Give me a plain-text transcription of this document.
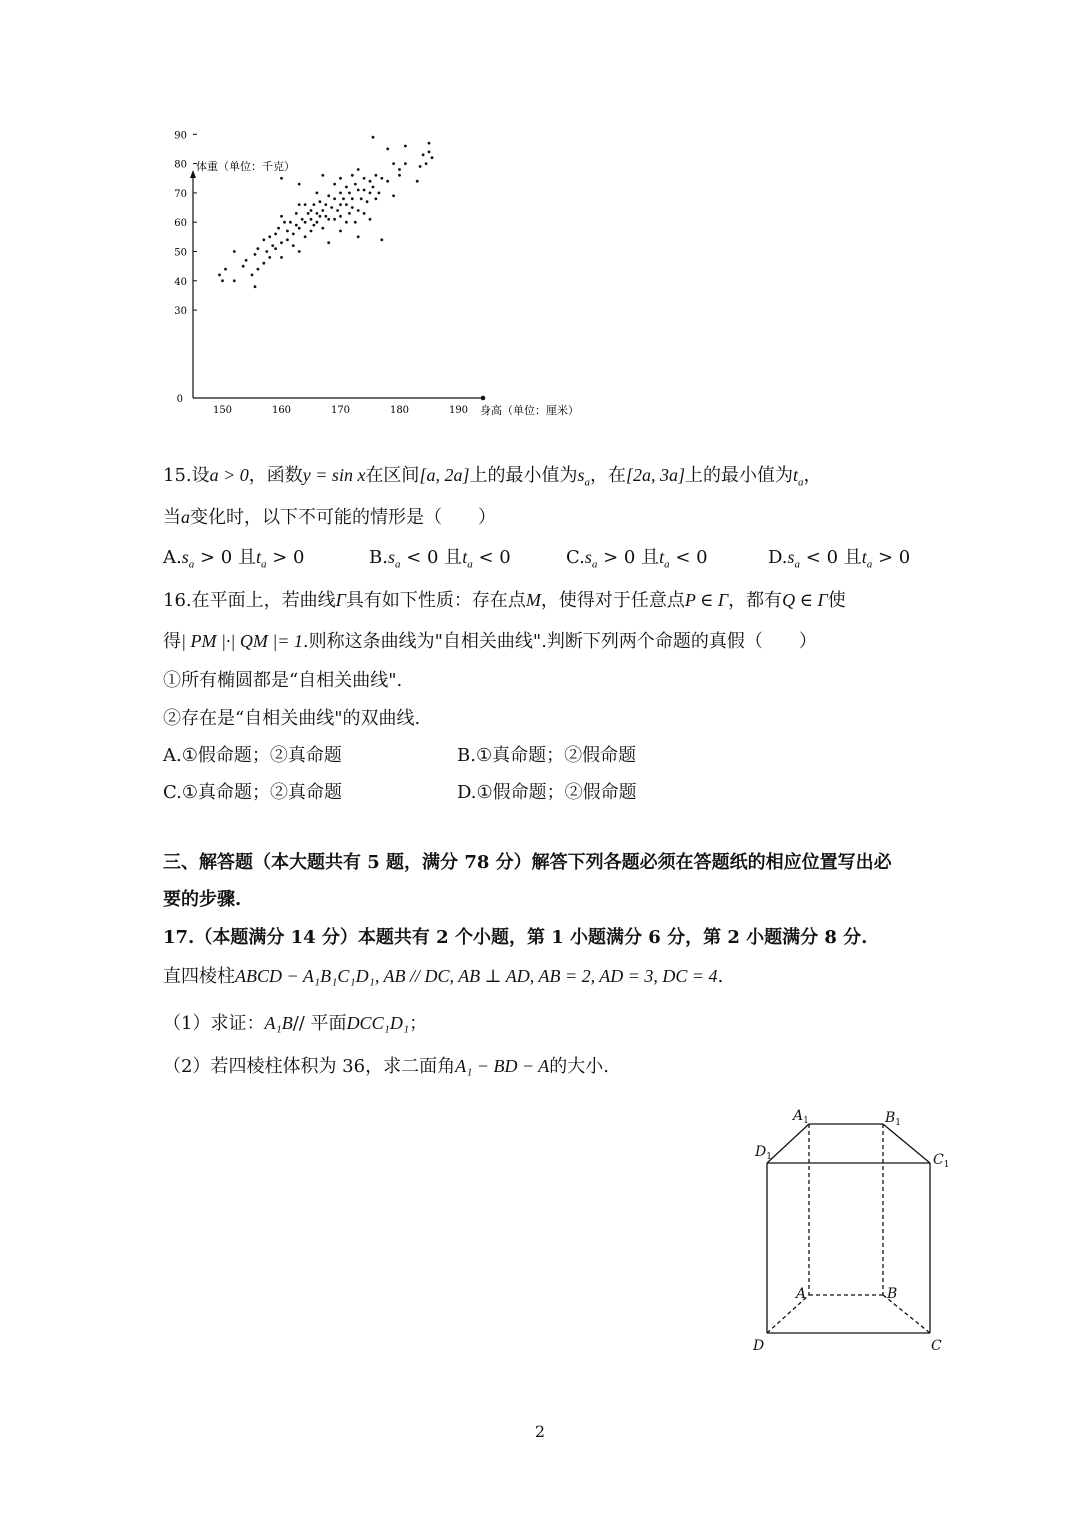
体重（单位：千克）
身高（单位：厘米）
90
80
70
60
50
40
30
0
150	160	170	180	190
15.设a > 0，函数y = sin x在区间[a, 2a]上的最小值为$s_a$，在[2a, 3a]上的最小值为$t_a$，
当a变化时，以下不可能的情形是（　　）
$A.s_a > 0$ 且$t_a > 0$	$B.s_a < 0$ 且$t_a < 0$	$C.s_a > 0$ 且$t_a < 0$	$D.s_a < 0$ 且$t_a > 0$
16.在平面上，若曲线Γ具有如下性质：存在点M，使得对于任意点P ∈ Γ，都有Q ∈ Γ使
得| PM |·| QM |= 1.则称这条曲线为"自相关曲线".判断下列两个命题的真假（　　）
①所有椭圆都是“自相关曲线".
②存在是“自相关曲线"的双曲线.
A.①假命题；②真命题	B.①真命题；②假命题
C.①真命题；②真命题	D.①假命题；②假命题
三、解答题（本大题共有 5 题，满分 78 分）解答下列各题必须在答题纸的相应位置写出必
要的步骤.
17.（本题满分 14 分）本题共有 2 个小题，第 1 小题满分 6 分，第 2 小题满分 8 分.
直四棱柱ABCD − A₁B₁C₁D₁, AB // DC, AB ⊥ AD, AB = 2, AD = 3, DC = 4.
（1）求证：A₁B// 平面DCC₁D₁；
（2）若四棱柱体积为 36，求二面角A₁ − BD − A的大小.
$A_1$	$B_1$
$C_1$
$D_1$
A	B
C
D
2
